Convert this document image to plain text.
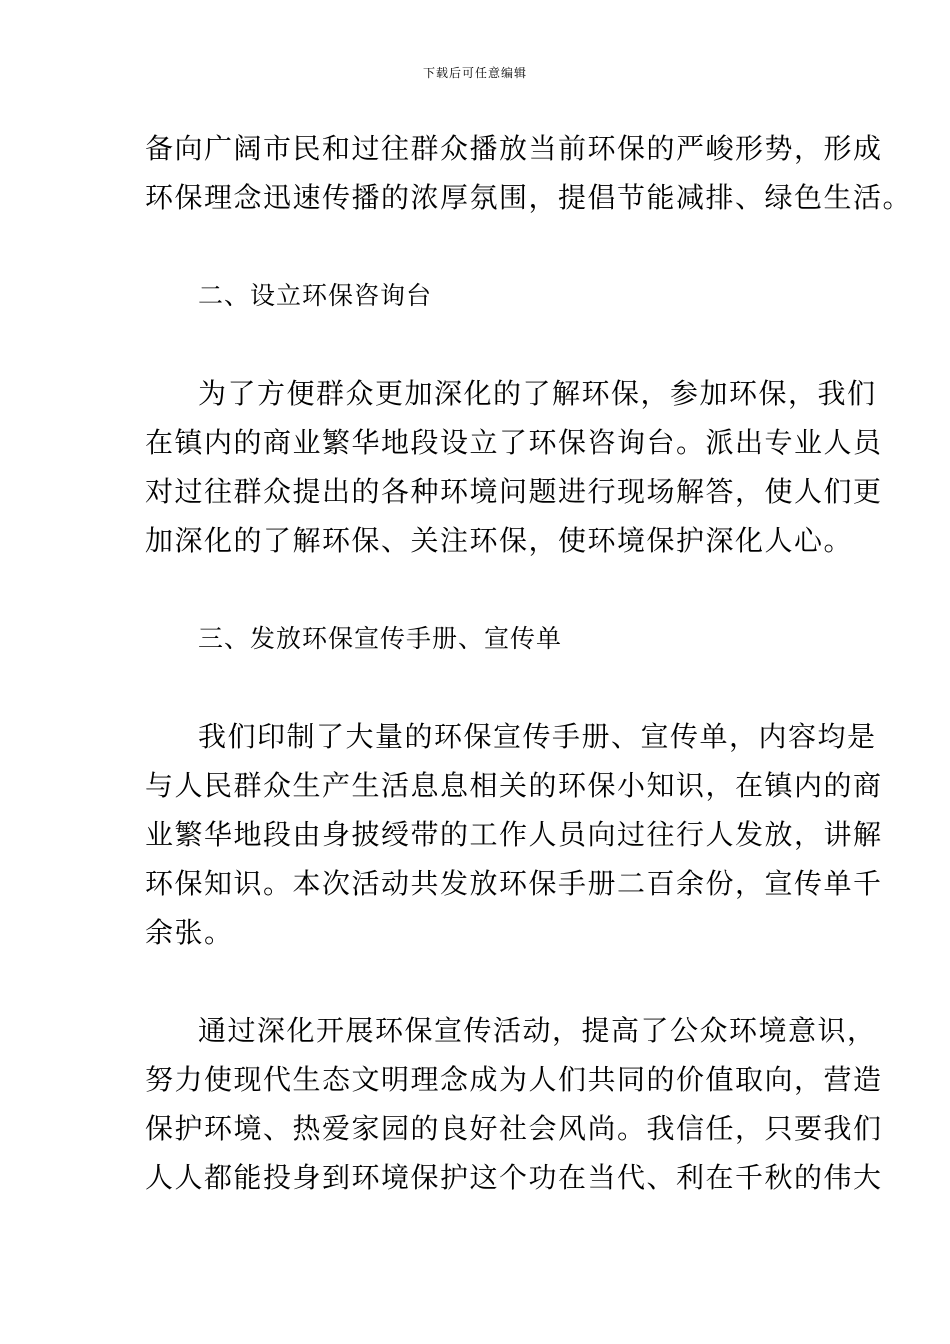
下载后可任意编辑
备向广阔市民和过往群众播放当前环保的严峻形势，形成
环保理念迅速传播的浓厚氛围，提倡节能减排、绿色生活。
二、设立环保咨询台
为了方便群众更加深化的了解环保，参加环保，我们
在镇内的商业繁华地段设立了环保咨询台。派出专业人员
对过往群众提出的各种环境问题进行现场解答，使人们更
加深化的了解环保、关注环保，使环境保护深化人心。
三、发放环保宣传手册、宣传单
我们印制了大量的环保宣传手册、宣传单，内容均是
与人民群众生产生活息息相关的环保小知识，在镇内的商
业繁华地段由身披绶带的工作人员向过往行人发放，讲解
环保知识。本次活动共发放环保手册二百余份，宣传单千
余张。
通过深化开展环保宣传活动，提高了公众环境意识，
努力使现代生态文明理念成为人们共同的价值取向，营造
保护环境、热爱家园的良好社会风尚。我信任，只要我们
人人都能投身到环境保护这个功在当代、利在千秋的伟大
